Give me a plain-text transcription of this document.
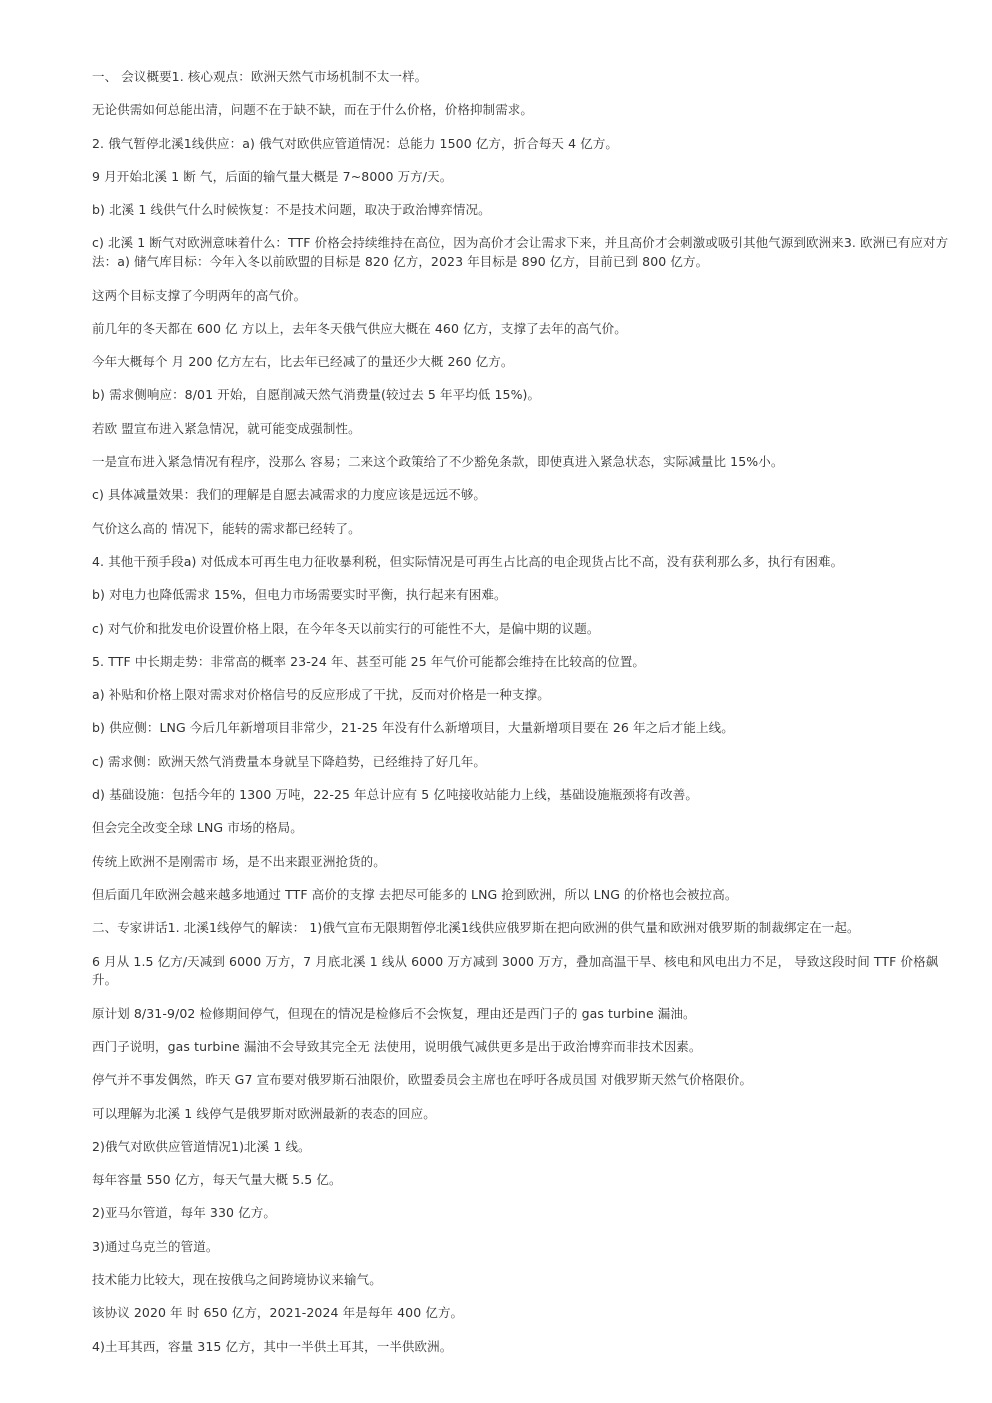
一、 会议概要1. 核心观点：欧洲天然气市场机制不太一样。

无论供需如何总能出清，问题不在于缺不缺，而在于什么价格，价格抑制需求。

2. 俄气暂停北溪1线供应：a) 俄气对欧供应管道情况：总能力 1500 亿方，折合每天 4 亿方。

9 月开始北溪 1 断 气，后面的输气量大概是 7~8000 万方/天。

b) 北溪 1 线供气什么时候恢复：不是技术问题，取决于政治博弈情况。

c) 北溪 1 断气对欧洲意味着什么：TTF 价格会持续维持在高位，因为高价才会让需求下来，并且高价才会刺激或吸引其他气源到欧洲来3. 欧洲已有应对方法：a) 储气库目标：今年入冬以前欧盟的目标是 820 亿方，2023 年目标是 890 亿方，目前已到 800 亿方。

这两个目标支撑了今明两年的高气价。

前几年的冬天都在 600 亿 方以上，去年冬天俄气供应大概在 460 亿方，支撑了去年的高气价。

今年大概每个 月 200 亿方左右，比去年已经减了的量还少大概 260 亿方。

b) 需求侧响应：8/01 开始，自愿削减天然气消费量(较过去 5 年平均低 15%)。

若欧 盟宣布进入紧急情况，就可能变成强制性。

一是宣布进入紧急情况有程序，没那么 容易；二来这个政策给了不少豁免条款，即使真进入紧急状态，实际减量比 15%小。

c) 具体减量效果：我们的理解是自愿去减需求的力度应该是远远不够。

气价这么高的 情况下，能转的需求都已经转了。

4. 其他干预手段a) 对低成本可再生电力征收暴利税，但实际情况是可再生占比高的电企现货占比不高，没有获利那么多，执行有困难。

b) 对电力也降低需求 15%，但电力市场需要实时平衡，执行起来有困难。

c) 对气价和批发电价设置价格上限，在今年冬天以前实行的可能性不大，是偏中期的议题。

5. TTF 中长期走势：非常高的概率 23-24 年、甚至可能 25 年气价可能都会维持在比较高的位置。

a) 补贴和价格上限对需求对价格信号的反应形成了干扰，反而对价格是一种支撑。

b) 供应侧：LNG 今后几年新增项目非常少，21-25 年没有什么新增项目，大量新增项目要在 26 年之后才能上线。

c) 需求侧：欧洲天然气消费量本身就呈下降趋势，已经维持了好几年。

d) 基础设施：包括今年的 1300 万吨，22-25 年总计应有 5 亿吨接收站能力上线，基础设施瓶颈将有改善。

但会完全改变全球 LNG 市场的格局。

传统上欧洲不是刚需市 场，是不出来跟亚洲抢货的。

但后面几年欧洲会越来越多地通过 TTF 高价的支撑 去把尽可能多的 LNG 抢到欧洲，所以 LNG 的价格也会被拉高。

二、专家讲话1. 北溪1线停气的解读： 1)俄气宣布无限期暂停北溪1线供应俄罗斯在把向欧洲的供气量和欧洲对俄罗斯的制裁绑定在一起。

6 月从 1.5 亿方/天减到 6000 万方，7 月底北溪 1 线从 6000 万方减到 3000 万方，叠加高温干旱、核电和风电出力不足， 导致这段时间 TTF 价格飙升。

原计划 8/31-9/02 检修期间停气，但现在的情况是检修后不会恢复，理由还是西门子的 gas turbine 漏油。

西门子说明，gas turbine 漏油不会导致其完全无 法使用，说明俄气减供更多是出于政治博弈而非技术因素。

停气并不事发偶然，昨天 G7 宣布要对俄罗斯石油限价，欧盟委员会主席也在呼吁各成员国 对俄罗斯天然气价格限价。

可以理解为北溪 1 线停气是俄罗斯对欧洲最新的表态的回应。

2)俄气对欧供应管道情况1)北溪 1 线。

每年容量 550 亿方，每天气量大概 5.5 亿。

2)亚马尔管道，每年 330 亿方。

3)通过乌克兰的管道。

技术能力比较大，现在按俄乌之间跨境协议来输气。

该协议 2020 年 时 650 亿方，2021-2024 年是每年 400 亿方。

4)土耳其西，容量 315 亿方，其中一半供土耳其，一半供欧洲。
